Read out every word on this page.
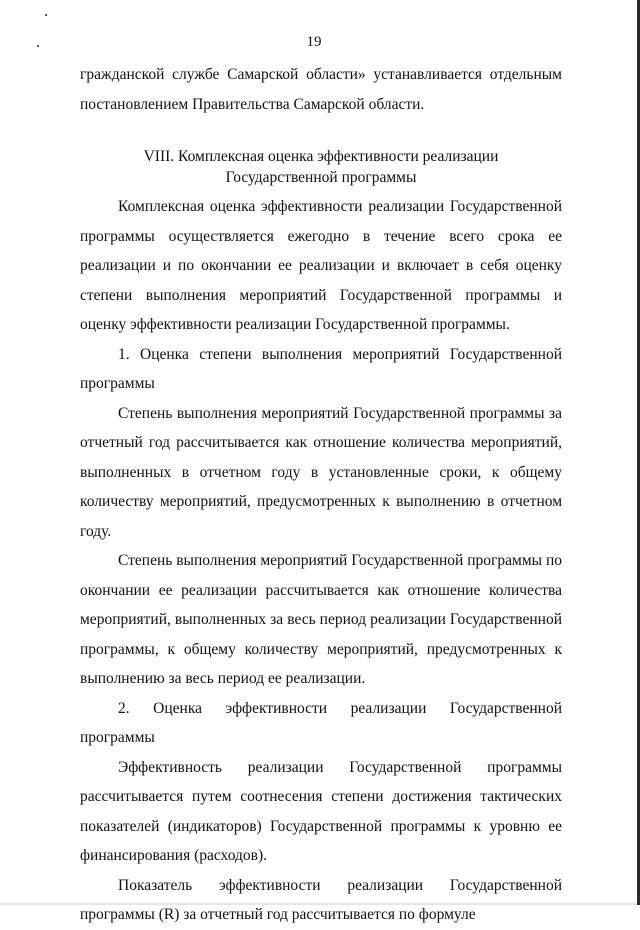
19

гражданской службе Самарской области» устанавливается отдельным постановлением Правительства Самарской области.

VIII. Комплексная оценка эффективности реализации
Государственной программы

Комплексная оценка эффективности реализации Государственной программы осуществляется ежегодно в течение всего срока ее реализации и по окончании ее реализации и включает в себя оценку степени выполнения мероприятий Государственной программы и оценку эффективности реализации Государственной программы.

1. Оценка степени выполнения мероприятий Государственной программы

Степень выполнения мероприятий Государственной программы за отчетный год рассчитывается как отношение количества мероприятий, выполненных в отчетном году в установленные сроки, к общему количеству мероприятий, предусмотренных к выполнению в отчетном году.

Степень выполнения мероприятий Государственной программы по окончании ее реализации рассчитывается как отношение количества мероприятий, выполненных за весь период реализации Государственной программы, к общему количеству мероприятий, предусмотренных к выполнению за весь период ее реализации.

2. Оценка эффективности реализации Государственной программы

Эффективность реализации Государственной программы рассчитывается путем соотнесения степени достижения тактических показателей (индикаторов) Государственной программы к уровню ее финансирования (расходов).

Показатель эффективности реализации Государственной программы (R) за отчетный год рассчитывается по формуле
